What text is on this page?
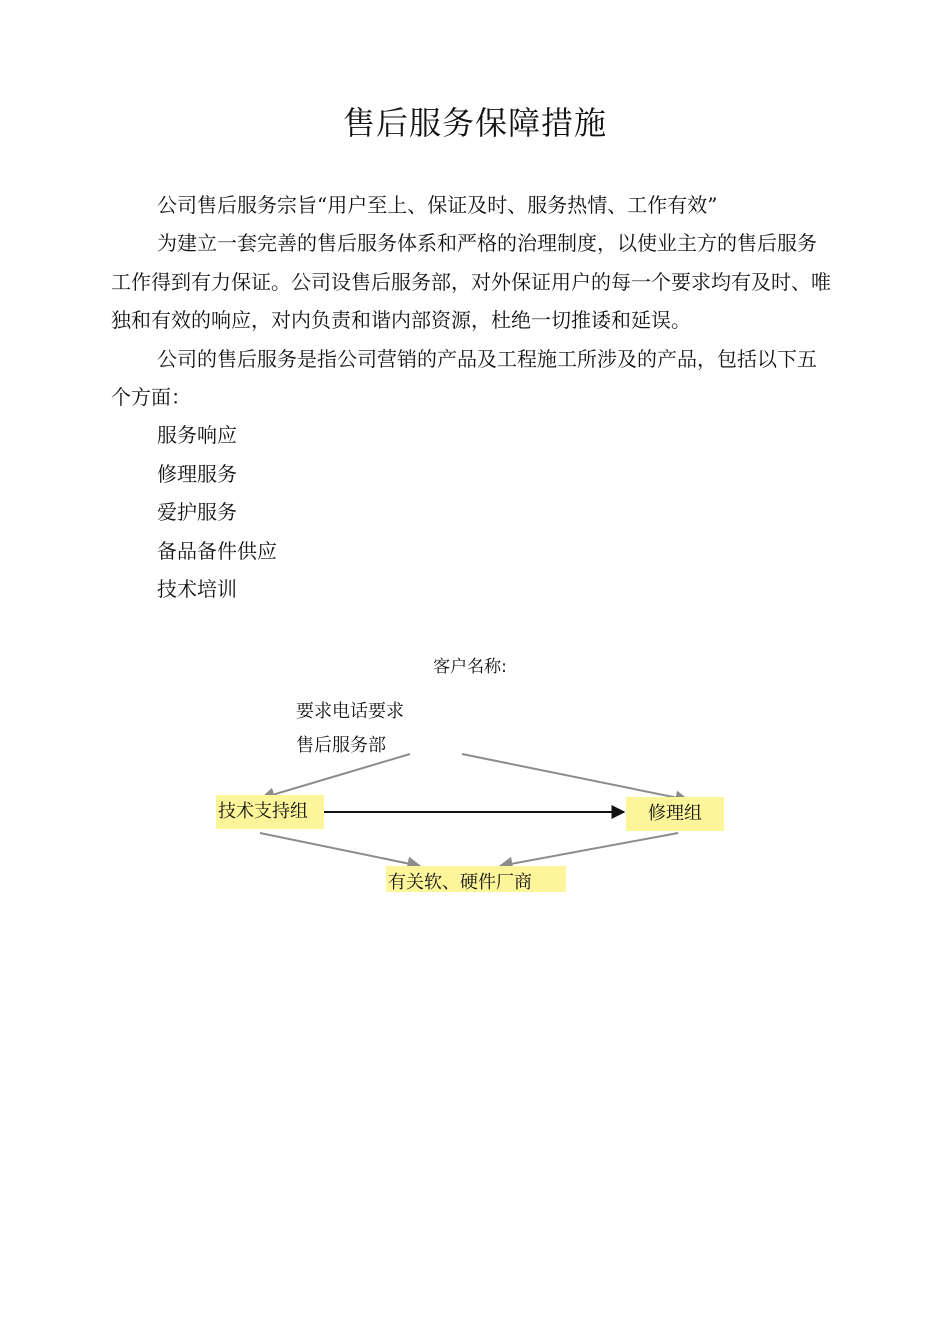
售后服务保障措施

公司售后服务宗旨“用户至上、保证及时、服务热情、工作有效”

为建立一套完善的售后服务体系和严格的治理制度，以使业主方的售后服务工作得到有力保证。公司设售后服务部，对外保证用户的每一个要求均有及时、唯独和有效的响应，对内负责和谐内部资源，杜绝一切推诿和延误。

公司的售后服务是指公司营销的产品及工程施工所涉及的产品，包括以下五个方面：

服务响应

修理服务

爱护服务

备品备件供应

技术培训

客户名称:
要求电话要求
售后服务部
技术支持组	修理组
有关软、硬件厂商
